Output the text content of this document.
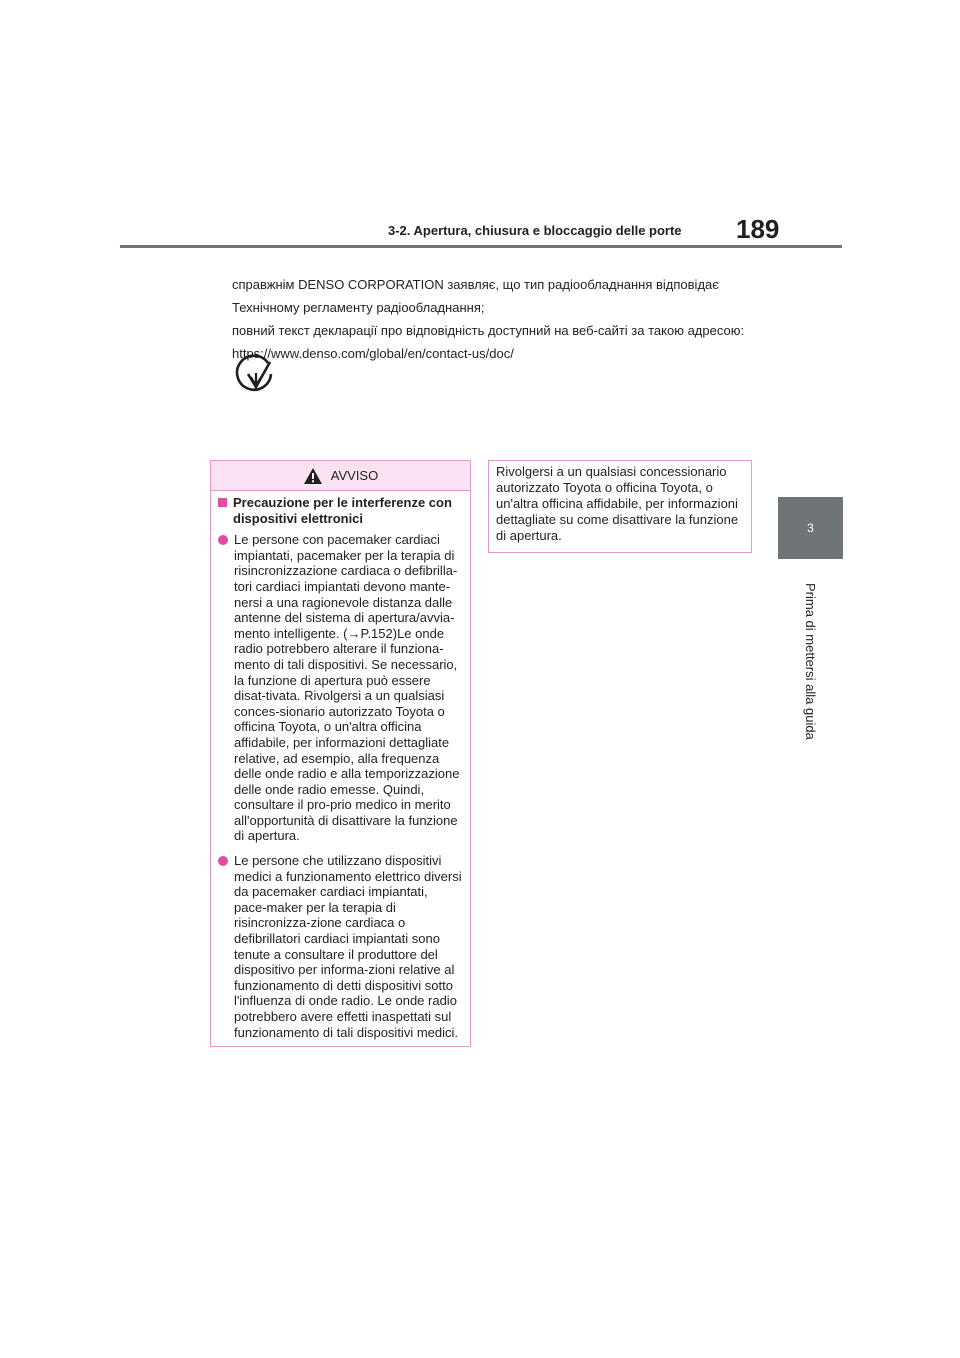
3-2. Apertura, chiusura e bloccaggio delle porte 189
3
Prima di mettersi alla guida

справжнім DENSO CORPORATION заявляє, що тип радіообладнання відповідає

Технічному регламенту радіообладнання;

повний текст декларації про відповідність доступний на веб-сайті за такою адресою:

https://www.denso.com/global/en/contact-us/doc/

AVVISO
Precauzione per le interferenze con dispositivi elettronici
Le persone con pacemaker cardiaci impiantati, pacemaker per la terapia di risincronizzazione cardiaca o defibrilla-tori cardiaci impiantati devono mante-nersi a una ragionevole distanza dalle antenne del sistema di apertura/avvia-mento intelligente. (→P.152)Le onde radio potrebbero alterare il funziona-mento di tali dispositivi. Se necessario, la funzione di apertura può essere disat-tivata. Rivolgersi a un qualsiasi conces-sionario autorizzato Toyota o officina Toyota, o un'altra officina affidabile, per informazioni dettagliate relative, ad esempio, alla frequenza delle onde radio e alla temporizzazione delle onde radio emesse. Quindi, consultare il pro-prio medico in merito all'opportunità di disattivare la funzione di apertura.
Le persone che utilizzano dispositivi medici a funzionamento elettrico diversi da pacemaker cardiaci impiantati, pace-maker per la terapia di risincronizza-zione cardiaca o defibrillatori cardiaci impiantati sono tenute a consultare il produttore del dispositivo per informa-zioni relative al funzionamento di detti dispositivi sotto l'influenza di onde radio. Le onde radio potrebbero avere effetti inaspettati sul funzionamento di tali dispositivi medici.
Rivolgersi a un qualsiasi concessionario autorizzato Toyota o officina Toyota, o un'altra officina affidabile, per informazioni dettagliate su come disattivare la funzione di apertura.
